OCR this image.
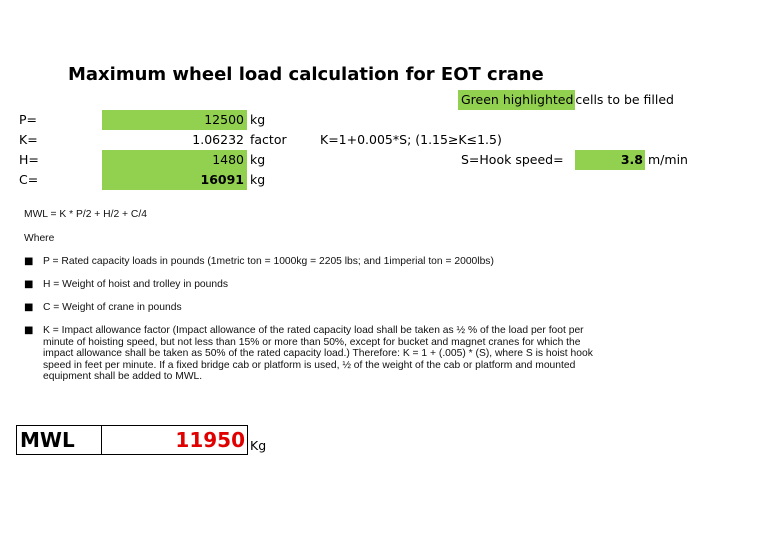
Maximum wheel load calculation for EOT crane
Green highlighted cells to be filled
P=	12500 kg
K=	1.06232 factor	K=1+0.005*S; (1.15≥K≤1.5)
H=	1480 kg	S=Hook speed=	3.8 m/min
C=	16091 kg
MWL = K * P/2 + H/2 + C/4
Where
■ P = Rated capacity loads in pounds (1metric ton = 1000kg = 2205 lbs; and 1imperial ton = 2000lbs)
■ H = Weight of hoist and trolley in pounds
■ C = Weight of crane in pounds
■ K = Impact allowance factor (Impact allowance of the rated capacity load shall be taken as ½ % of the load per foot per minute of hoisting speed, but not less than 15% or more than 50%, except for bucket and magnet cranes for which the impact allowance shall be taken as 50% of the rated capacity load.) Therefore: K = 1 + (.005) * (S), where S is hoist hook speed in feet per minute. If a fixed bridge cab or platform is used, ½ of the weight of the cab or platform and mounted equipment shall be added to MWL.
MWL	11950 Kg
